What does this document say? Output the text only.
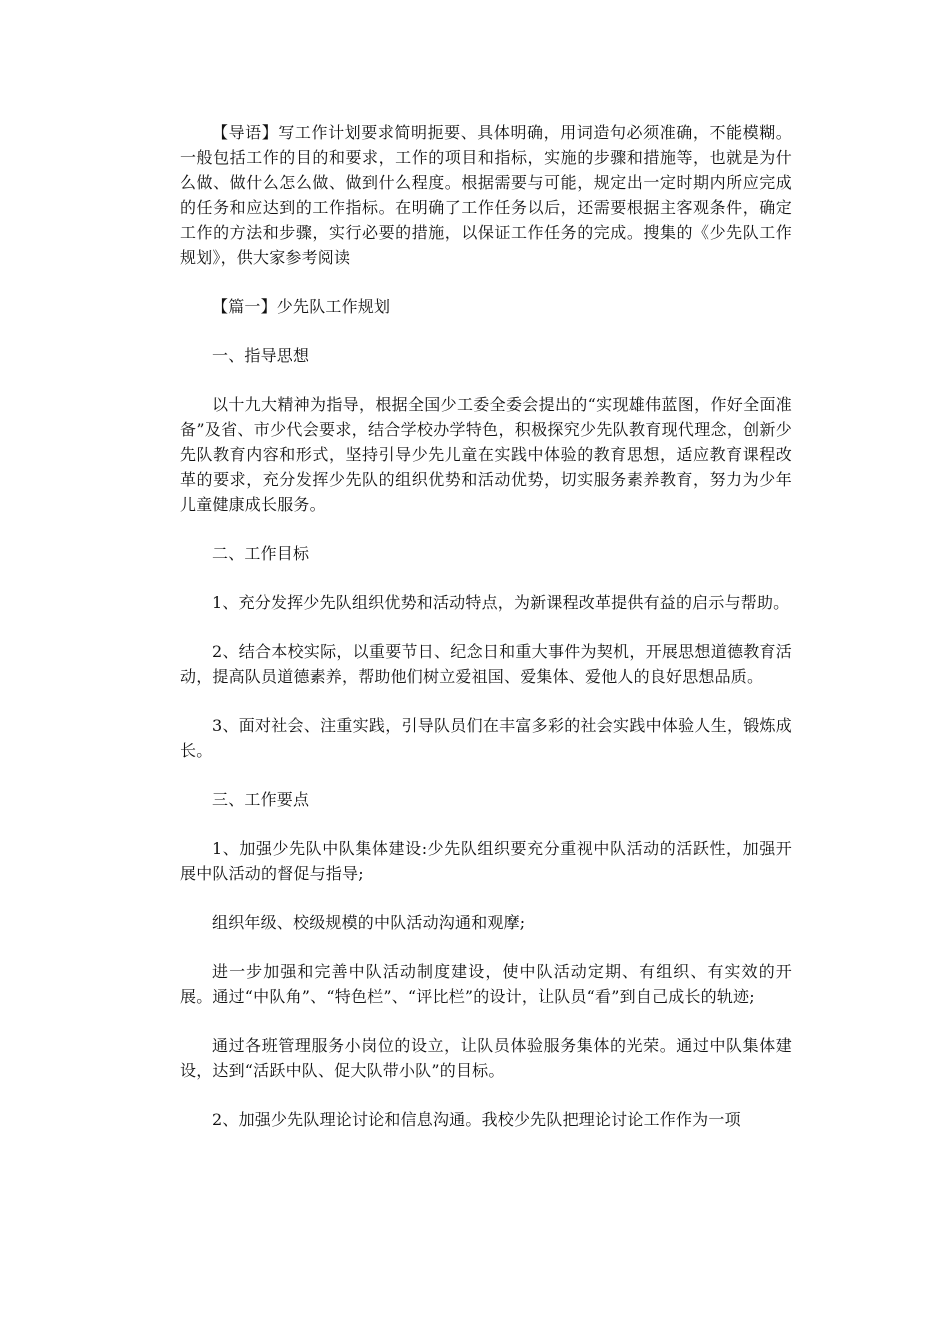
【导语】写工作计划要求简明扼要、具体明确，用词造句必须准确，不能模糊。一般包括工作的目的和要求，工作的项目和指标，实施的步骤和措施等，也就是为什么做、做什么怎么做、做到什么程度。根据需要与可能，规定出一定时期内所应完成的任务和应达到的工作指标。在明确了工作任务以后，还需要根据主客观条件，确定工作的方法和步骤，实行必要的措施，以保证工作任务的完成。搜集的《少先队工作规划》，供大家参考阅读

【篇一】少先队工作规划

一、指导思想

以十九大精神为指导，根据全国少工委全委会提出的“实现雄伟蓝图，作好全面准备”及省、市少代会要求，结合学校办学特色，积极探究少先队教育现代理念，创新少先队教育内容和形式，坚持引导少先儿童在实践中体验的教育思想，适应教育课程改革的要求，充分发挥少先队的组织优势和活动优势，切实服务素养教育，努力为少年儿童健康成长服务。

二、工作目标

1、充分发挥少先队组织优势和活动特点，为新课程改革提供有益的启示与帮助。

2、结合本校实际，以重要节日、纪念日和重大事件为契机，开展思想道德教育活动，提高队员道德素养，帮助他们树立爱祖国、爱集体、爱他人的良好思想品质。

3、面对社会、注重实践，引导队员们在丰富多彩的社会实践中体验人生，锻炼成长。

三、工作要点

1、加强少先队中队集体建设:少先队组织要充分重视中队活动的活跃性，加强开展中队活动的督促与指导;

组织年级、校级规模的中队活动沟通和观摩;

进一步加强和完善中队活动制度建设，使中队活动定期、有组织、有实效的开展。通过“中队角”、“特色栏”、“评比栏”的设计，让队员“看”到自己成长的轨迹;

通过各班管理服务小岗位的设立，让队员体验服务集体的光荣。通过中队集体建设，达到“活跃中队、促大队带小队”的目标。

2、加强少先队理论讨论和信息沟通。我校少先队把理论讨论工作作为一项
